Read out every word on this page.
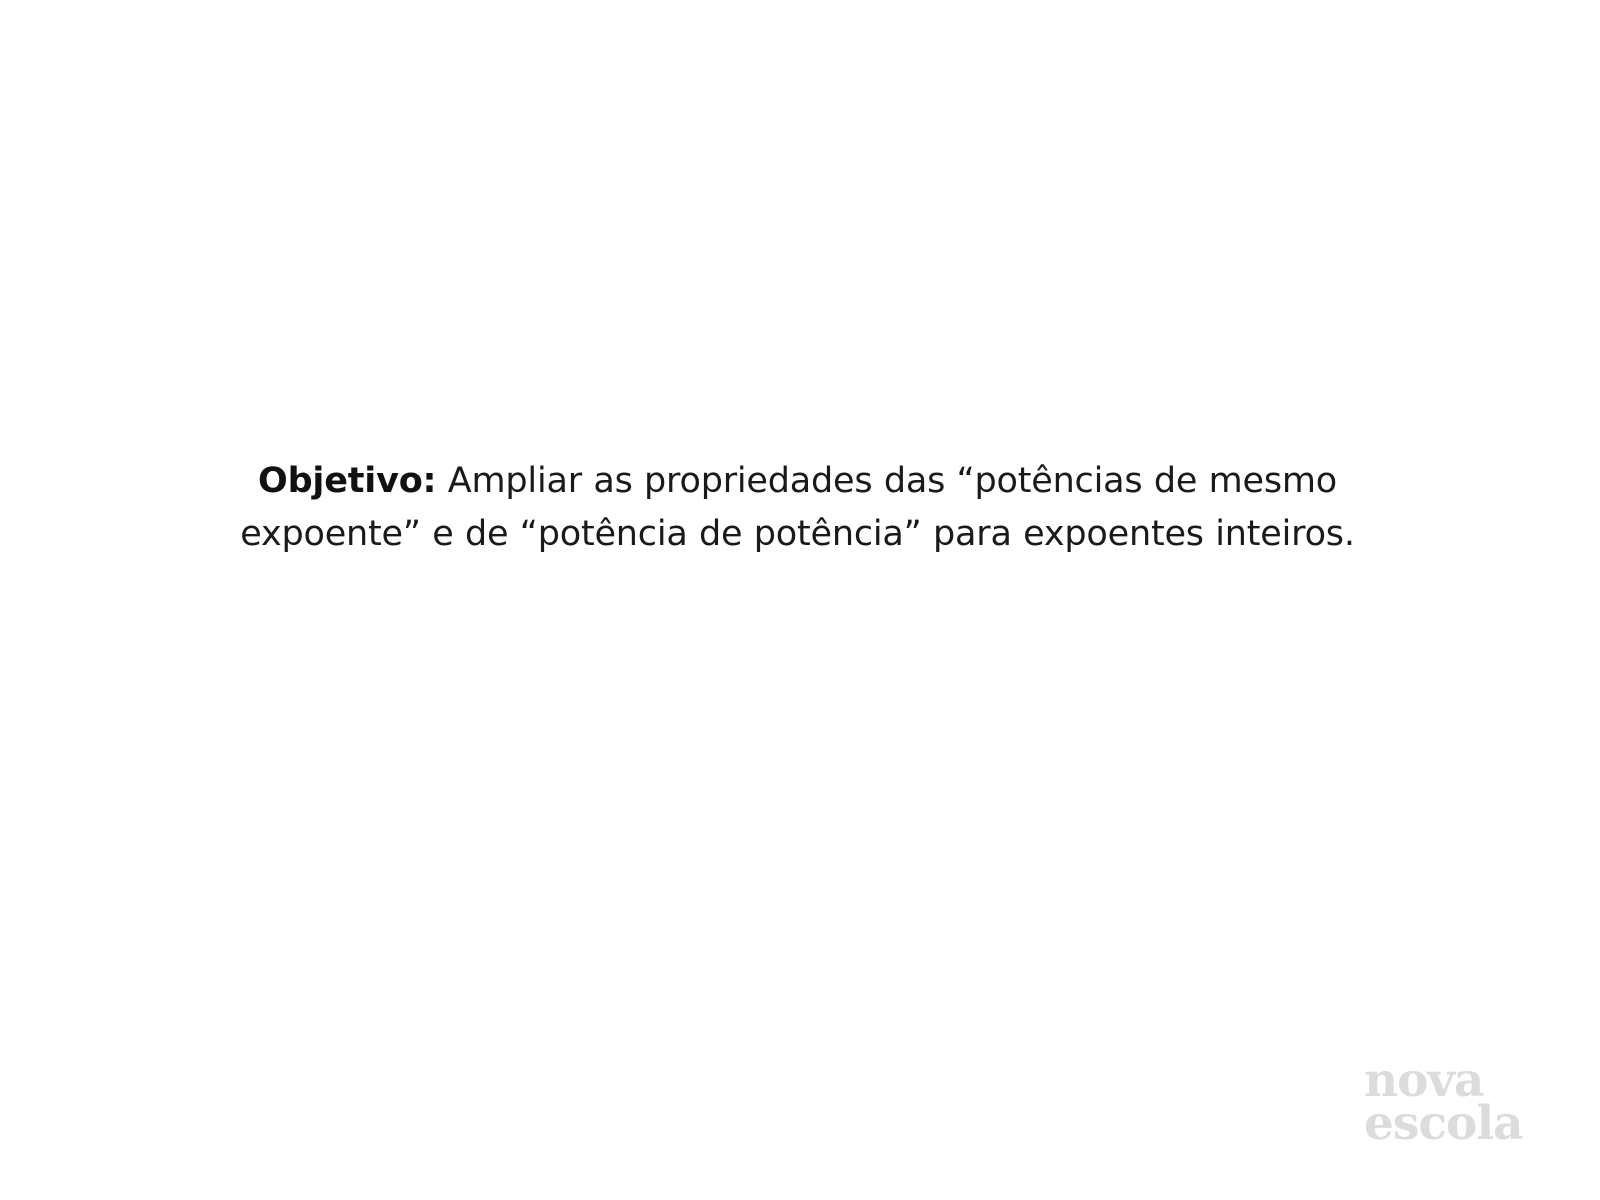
Objetivo: Ampliar as propriedades das “potências de mesmo expoente” e de “potência de potência” para expoentes inteiros.

nova
escola
